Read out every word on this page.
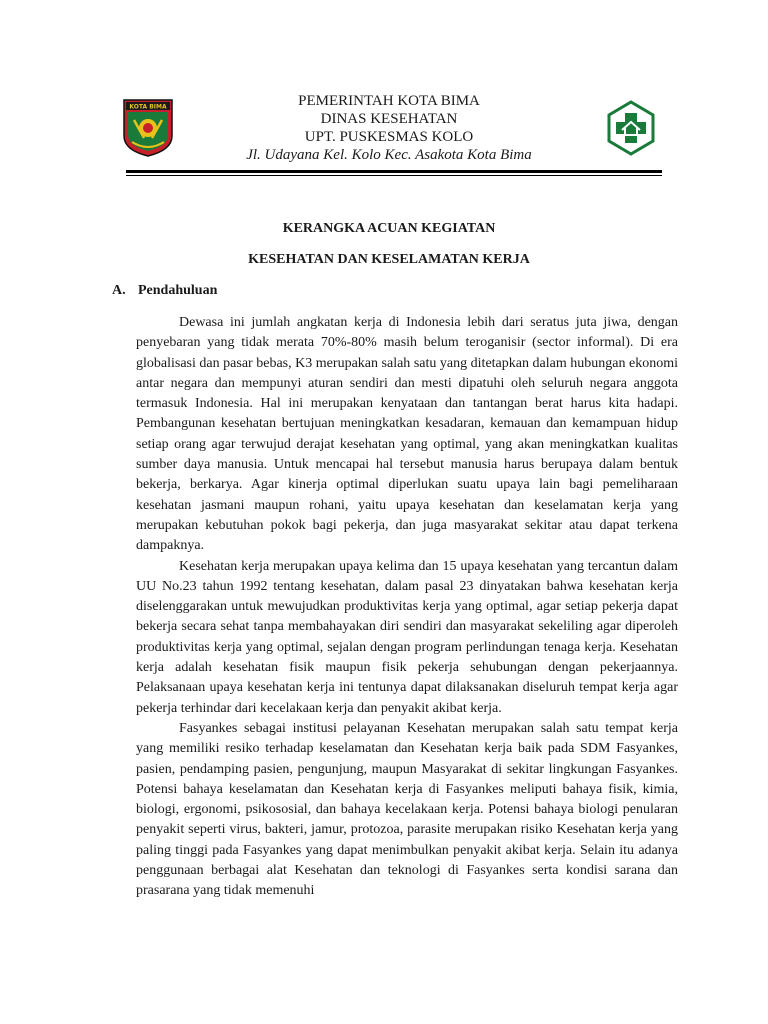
KOTA BIMA	PEMERINTAH KOTA BIMA
DINAS KESEHATAN
UPT. PUSKESMAS KOLO
Jl. Udayana Kel. Kolo Kec. Asakota Kota Bima
KERANGKA ACUAN KEGIATAN
KESEHATAN DAN KESELAMATAN KERJA
A. Pendahuluan

Dewasa ini jumlah angkatan kerja di Indonesia lebih dari seratus juta jiwa, dengan penyebaran yang tidak merata 70%-80% masih belum teroganisir (sector informal). Di era globalisasi dan pasar bebas, K3 merupakan salah satu yang ditetapkan dalam hubungan ekonomi antar negara dan mempunyi aturan sendiri dan mesti dipatuhi oleh seluruh negara anggota termasuk Indonesia. Hal ini merupakan kenyataan dan tantangan berat harus kita hadapi. Pembangunan kesehatan bertujuan meningkatkan kesadaran, kemauan dan kemampuan hidup setiap orang agar terwujud derajat kesehatan yang optimal, yang akan meningkatkan kualitas sumber daya manusia. Untuk mencapai hal tersebut manusia harus berupaya dalam bentuk bekerja, berkarya. Agar kinerja optimal diperlukan suatu upaya lain bagi pemeliharaan kesehatan jasmani maupun rohani, yaitu upaya kesehatan dan keselamatan kerja yang merupakan kebutuhan pokok bagi pekerja, dan juga masyarakat sekitar atau dapat terkena dampaknya.

Kesehatan kerja merupakan upaya kelima dan 15 upaya kesehatan yang tercantun dalam UU No.23 tahun 1992 tentang kesehatan, dalam pasal 23 dinyatakan bahwa kesehatan kerja diselenggarakan untuk mewujudkan produktivitas kerja yang optimal, agar setiap pekerja dapat bekerja secara sehat tanpa membahayakan diri sendiri dan masyarakat sekeliling agar diperoleh produktivitas kerja yang optimal, sejalan dengan program perlindungan tenaga kerja. Kesehatan kerja adalah kesehatan fisik maupun fisik pekerja sehubungan dengan pekerjaannya. Pelaksanaan upaya kesehatan kerja ini tentunya dapat dilaksanakan diseluruh tempat kerja agar pekerja terhindar dari kecelakaan kerja dan penyakit akibat kerja.

Fasyankes sebagai institusi pelayanan Kesehatan merupakan salah satu tempat kerja yang memiliki resiko terhadap keselamatan dan Kesehatan kerja baik pada SDM Fasyankes, pasien, pendamping pasien, pengunjung, maupun Masyarakat di sekitar lingkungan Fasyankes. Potensi bahaya keselamatan dan Kesehatan kerja di Fasyankes meliputi bahaya fisik, kimia, biologi, ergonomi, psikososial, dan bahaya kecelakaan kerja. Potensi bahaya biologi penularan penyakit seperti virus, bakteri, jamur, protozoa, parasite merupakan risiko Kesehatan kerja yang paling tinggi pada Fasyankes yang dapat menimbulkan penyakit akibat kerja. Selain itu adanya penggunaan berbagai alat Kesehatan dan teknologi di Fasyankes serta kondisi sarana dan prasarana yang tidak memenuhi
